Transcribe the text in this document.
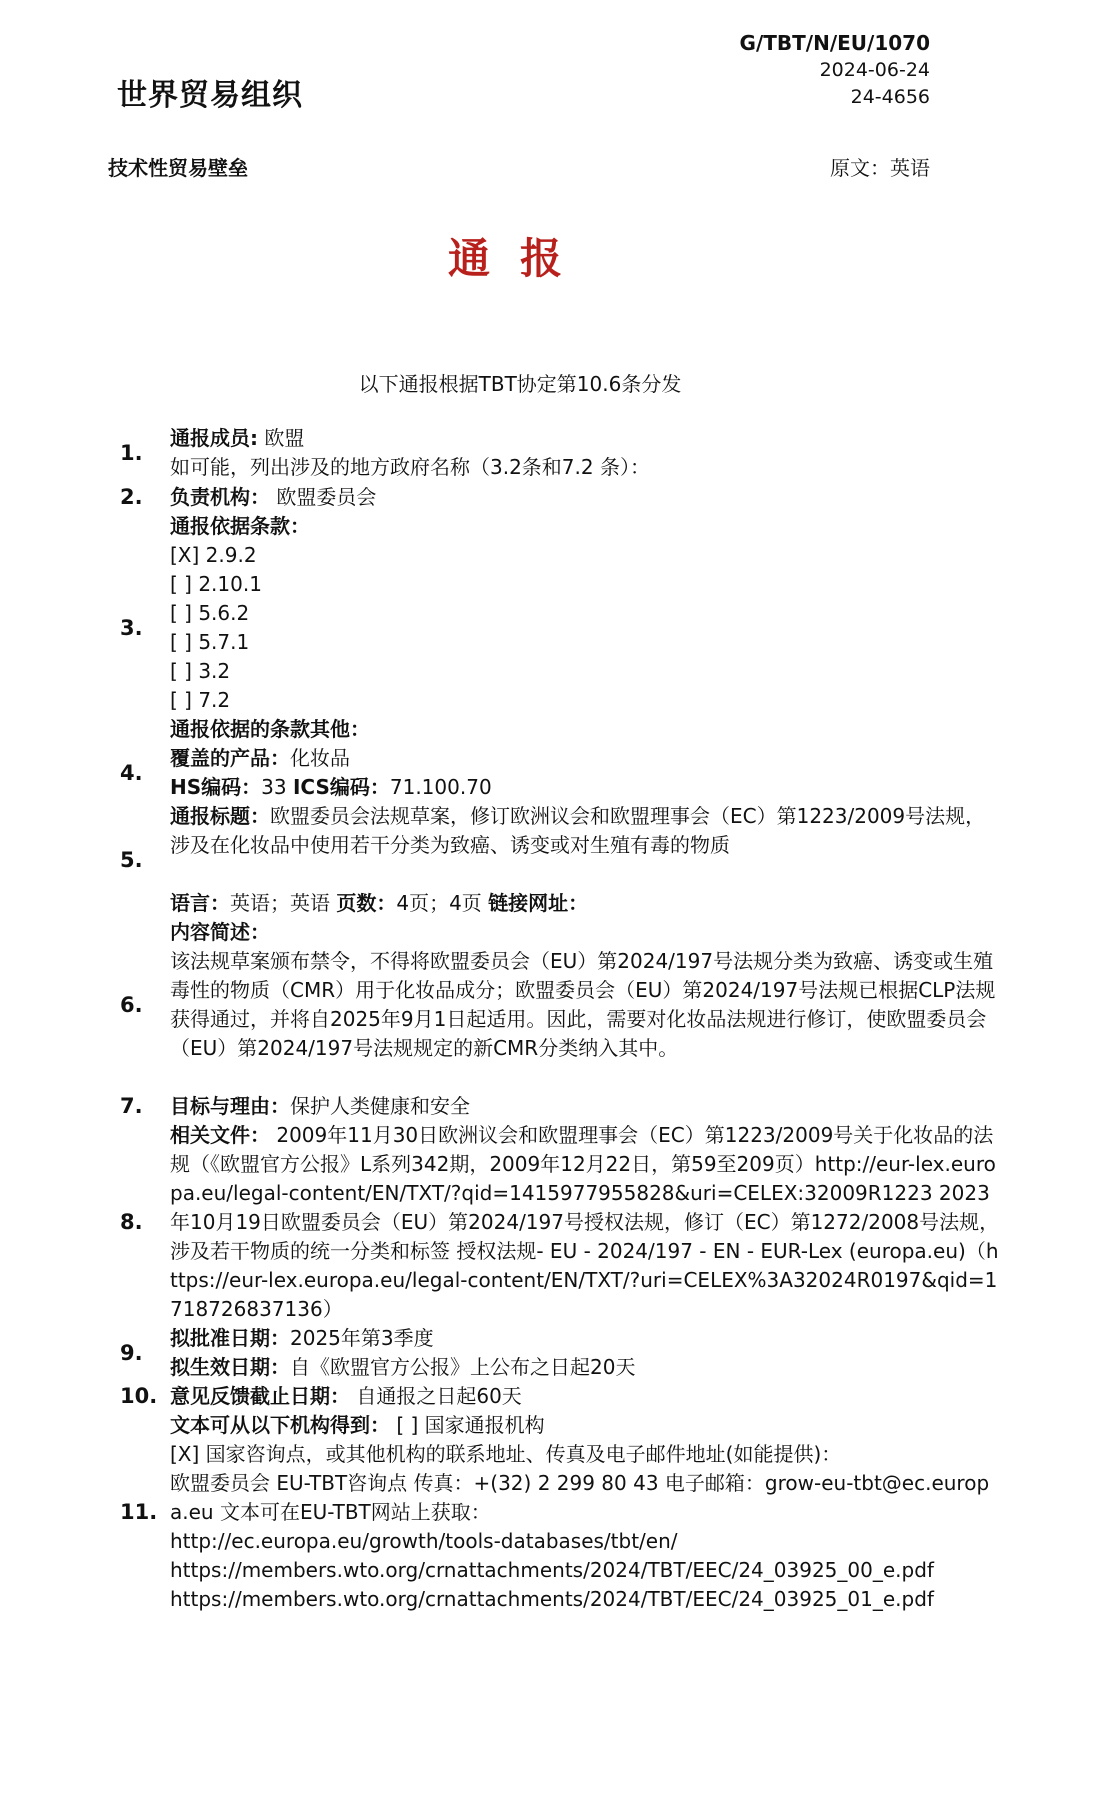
G/TBT/N/EU/1070
2024-06-24
24-4656
世界贸易组织
技术性贸易壁垒	原文：英语
通报
以下通报根据TBT协定第10.6条分发
1.
通报成员: 欧盟
如可能，列出涉及的地方政府名称（3.2条和7.2 条）：
2.	负责机构： 欧盟委员会
3.
通报依据条款：
[X] 2.9.2
[ ] 2.10.1
[ ] 5.6.2
[ ] 5.7.1
[ ] 3.2
[ ] 7.2
通报依据的条款其他：
4.
覆盖的产品：化妆品
HS编码：33 ICS编码：71.100.70
5.
通报标题：欧盟委员会法规草案，修订欧洲议会和欧盟理事会（EC）第1223/2009号法规，涉及在化妆品中使用若干分类为致癌、诱变或对生殖有毒的物质
语言：英语；英语 页数：4页；4页 链接网址：
6.
内容简述：
该法规草案颁布禁令，不得将欧盟委员会（EU）第2024/197号法规分类为致癌、诱变或生殖毒性的物质（CMR）用于化妆品成分；欧盟委员会（EU）第2024/197号法规已根据CLP法规获得通过，并将自2025年9月1日起适用。因此，需要对化妆品法规进行修订，使欧盟委员会（EU）第2024/197号法规规定的新CMR分类纳入其中。
7.	目标与理由：保护人类健康和安全
8.
相关文件： 2009年11月30日欧洲议会和欧盟理事会（EC）第1223/2009号关于化妆品的法规（《欧盟官方公报》L系列342期，2009年12月22日，第59至209页）http://eur-lex.europa.eu/legal-content/EN/TXT/?qid=1415977955828&uri=CELEX:32009R1223 2023年10月19日欧盟委员会（EU）第2024/197号授权法规，修订（EC）第1272/2008号法规，涉及若干物质的统一分类和标签 授权法规- EU - 2024/197 - EN - EUR-Lex (europa.eu)（https://eur-lex.europa.eu/legal-content/EN/TXT/?uri=CELEX%3A32024R0197&qid=1718726837136）
9.
拟批准日期：2025年第3季度
拟生效日期：自《欧盟官方公报》上公布之日起20天
10. 意见反馈截止日期： 自通报之日起60天
11.
文本可从以下机构得到： [ ] 国家通报机构
[X] 国家咨询点，或其他机构的联系地址、传真及电子邮件地址(如能提供)：
欧盟委员会 EU-TBT咨询点 传真：+(32) 2 299 80 43 电子邮箱：grow-eu-tbt@ec.europa.eu 文本可在EU-TBT网站上获取：
http://ec.europa.eu/growth/tools-databases/tbt/en/
https://members.wto.org/crnattachments/2024/TBT/EEC/24_03925_00_e.pdf
https://members.wto.org/crnattachments/2024/TBT/EEC/24_03925_01_e.pdf
